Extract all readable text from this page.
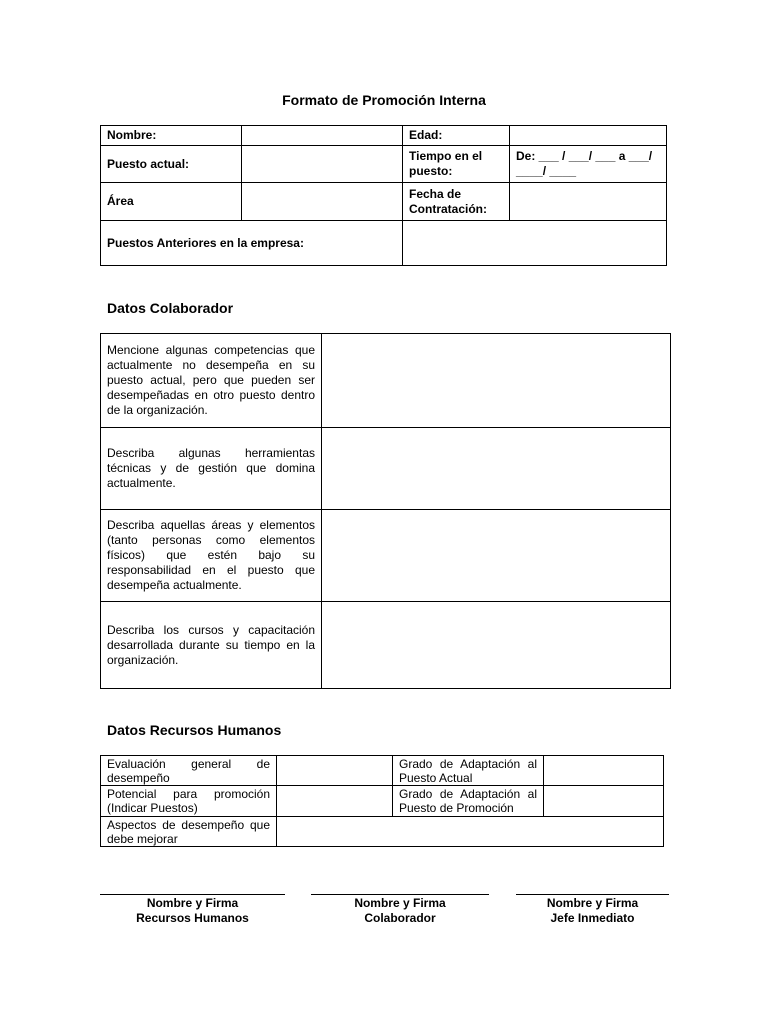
Formato de Promoción Interna
Nombre:		Edad:	
Puesto actual:		Tiempo en el puesto:	De: ___ / ___/ ___ a ___/
____/ ____

Área		Fecha de Contratación:	
Puestos Anteriores en la empresa:			
Datos Colaborador
Mencione algunas competencias que actualmente no desempeña en su puesto actual, pero que pueden ser desempeñadas en otro puesto dentro de la organización.	
Describa algunas herramientas técnicas y de gestión que domina actualmente.	
Describa aquellas áreas y elementos (tanto personas como elementos físicos) que estén bajo su responsabilidad en el puesto que desempeña actualmente.	
Describa los cursos y capacitación desarrollada durante su tiempo en la organización.	
Datos Recursos Humanos
Evaluación general de desempeño		Grado de Adaptación al Puesto Actual	
Potencial para promoción (Indicar Puestos)		Grado de Adaptación al Puesto de Promoción	
Aspectos de desempeño que debe mejorar			
Nombre y Firma
Recursos Humanos
Nombre y Firma
Colaborador
Nombre y Firma
Jefe Inmediato
